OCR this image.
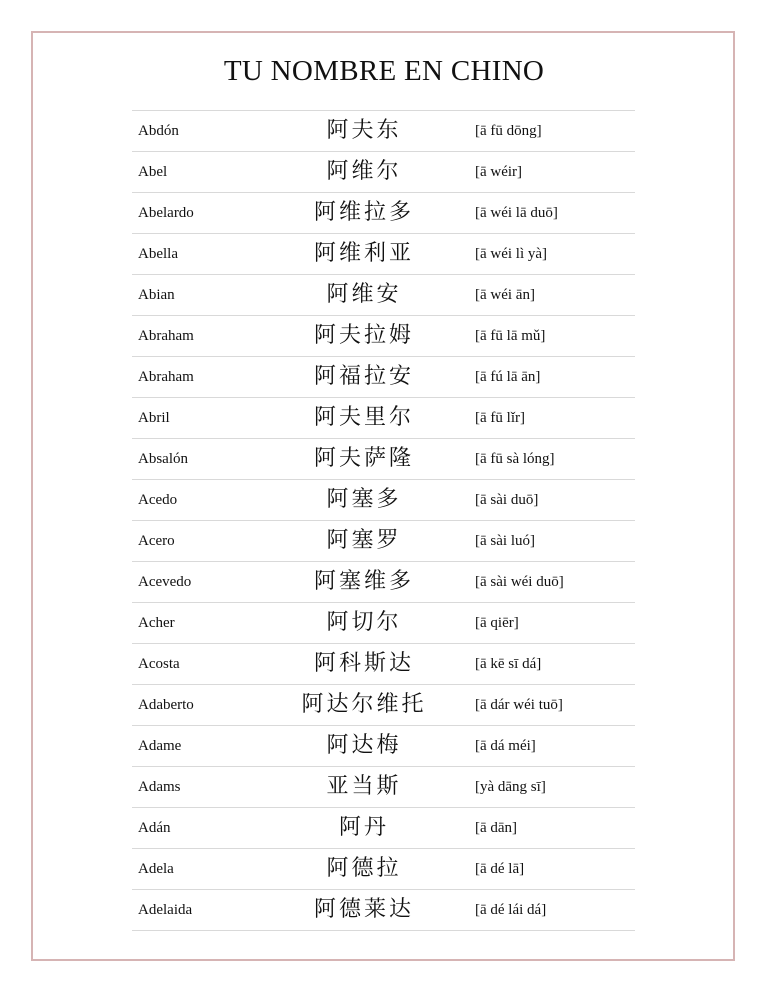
TU NOMBRE EN CHINO
Abdón	阿夫东	[ā fū dōng]
Abel	阿维尔	[ā wéir]
Abelardo	阿维拉多	[ā wéi lā duō]
Abella	阿维利亚	[ā wéi lì yà]
Abian	阿维安	[ā wéi ān]
Abraham	阿夫拉姆	[ā fū lā mǔ]
Abraham	阿福拉安	[ā fú lā ān]
Abril	阿夫里尔	[ā fū lǐr]
Absalón	阿夫萨隆	[ā fū sà lóng]
Acedo	阿塞多	[ā sài duō]
Acero	阿塞罗	[ā sài luó]
Acevedo	阿塞维多	[ā sài wéi duō]
Acher	阿切尔	[ā qiēr]
Acosta	阿科斯达	[ā kē sī dá]
Adaberto	阿达尔维托	[ā dár wéi tuō]
Adame	阿达梅	[ā dá méi]
Adams	亚当斯	[yà dāng sī]
Adán	阿丹	[ā dān]
Adela	阿德拉	[ā dé lā]
Adelaida	阿德莱达	[ā dé lái dá]
